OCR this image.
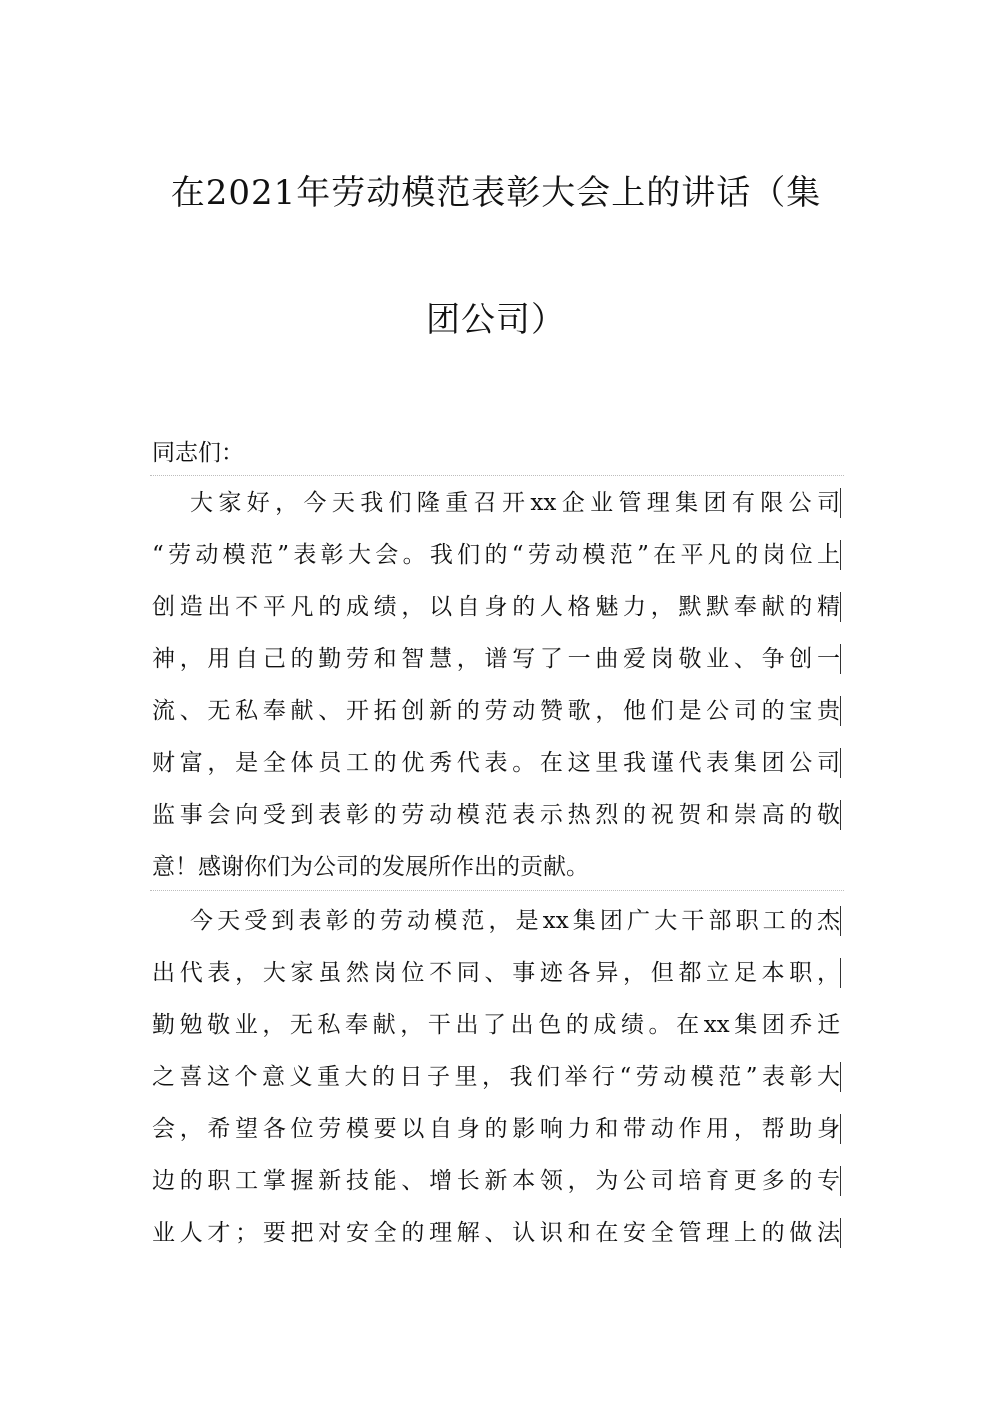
在2021年劳动模范表彰大会上的讲话（集
团公司）
同志们：
大家好，今天我们隆重召开xx企业管理集团有限公司
“劳动模范”表彰大会。我们的“劳动模范”在平凡的岗位上
创造出不平凡的成绩，以自身的人格魅力，默默奉献的精
神，用自己的勤劳和智慧，谱写了一曲爱岗敬业、争创一
流、无私奉献、开拓创新的劳动赞歌，他们是公司的宝贵
财富，是全体员工的优秀代表。在这里我谨代表集团公司
监事会向受到表彰的劳动模范表示热烈的祝贺和崇高的敬
意！感谢你们为公司的发展所作出的贡献。
今天受到表彰的劳动模范，是xx集团广大干部职工的杰
出代表，大家虽然岗位不同、事迹各异，但都立足本职，
勤勉敬业，无私奉献，干出了出色的成绩。在xx集团乔迁
之喜这个意义重大的日子里，我们举行“劳动模范”表彰大
会，希望各位劳模要以自身的影响力和带动作用，帮助身
边的职工掌握新技能、增长新本领，为公司培育更多的专
业人才；要把对安全的理解、认识和在安全管理上的做法
